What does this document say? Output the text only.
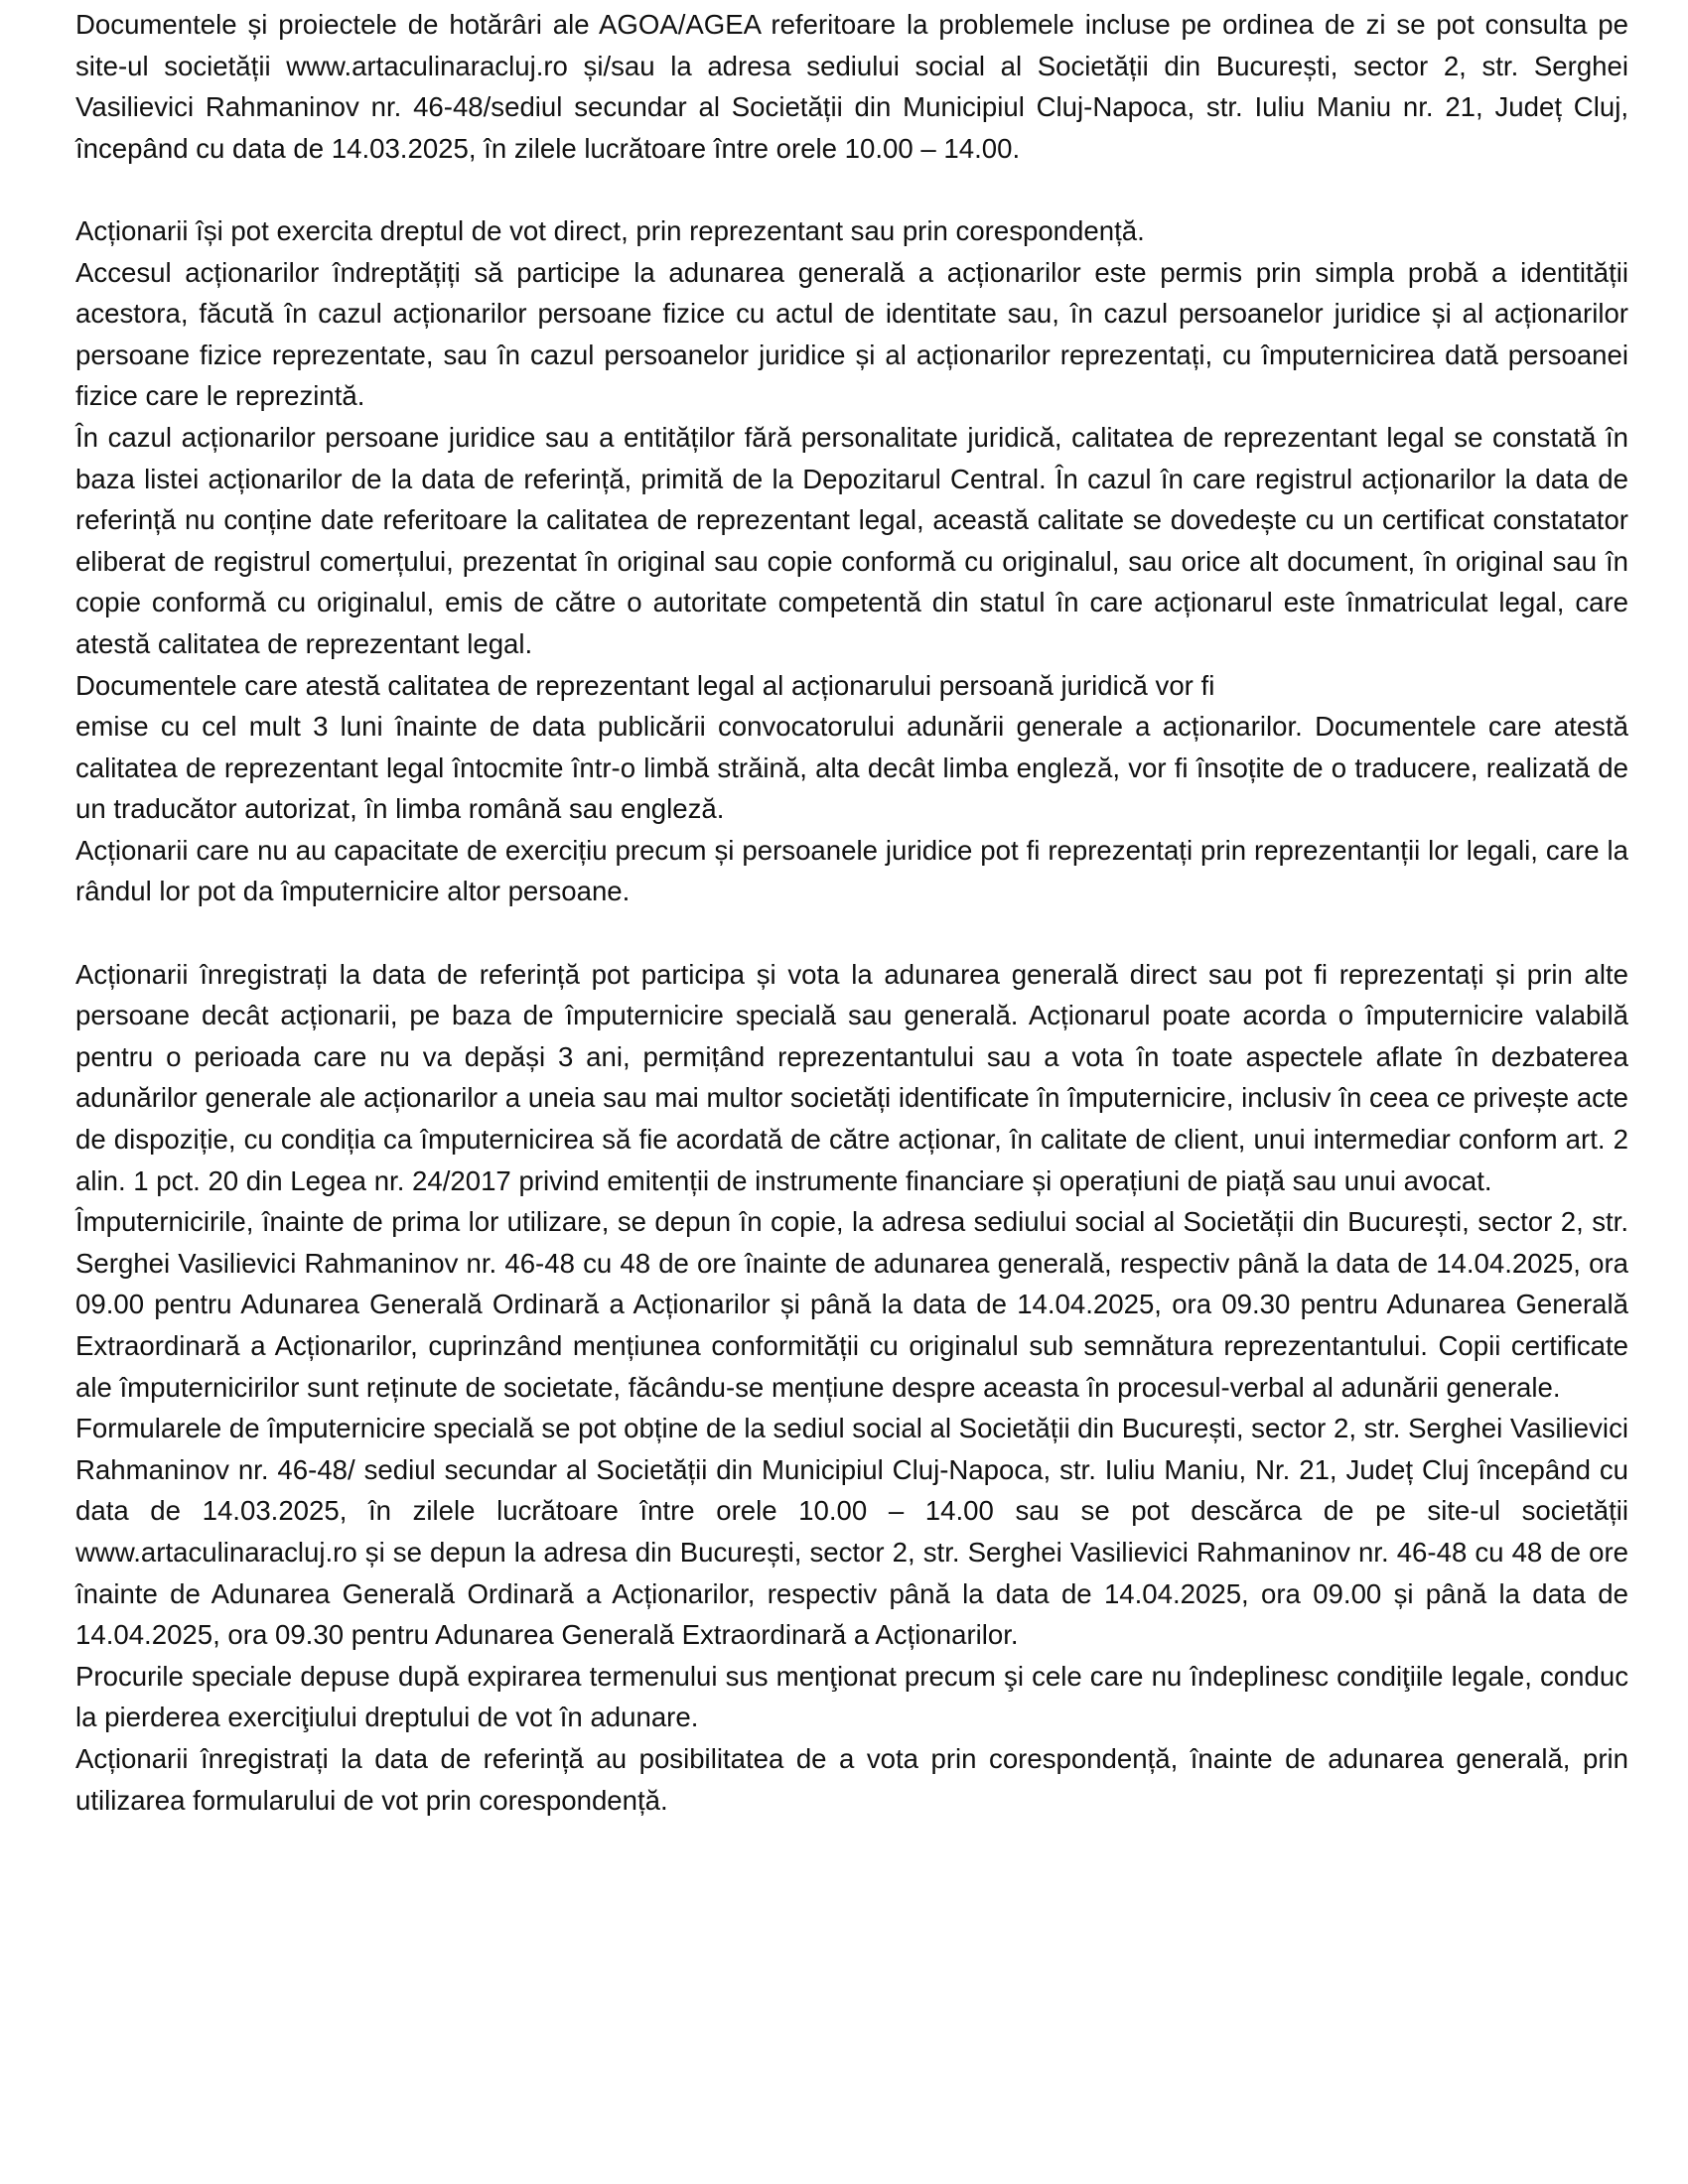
Documentele și proiectele de hotărâri ale AGOA/AGEA referitoare la problemele incluse pe ordinea de zi se pot consulta pe site-ul societății www.artaculinaracluj.ro și/sau la adresa sediului social al Societății din București, sector 2, str. Serghei Vasilievici Rahmaninov nr. 46-48/sediul secundar al Societății din Municipiul Cluj-Napoca, str. Iuliu Maniu nr. 21, Județ Cluj, începând cu data de 14.03.2025, în zilele lucrătoare între orele 10.00 – 14.00.

Acționarii își pot exercita dreptul de vot direct, prin reprezentant sau prin corespondență.

Accesul acționarilor îndreptățiți să participe la adunarea generală a acționarilor este permis prin simpla probă a identității acestora, făcută în cazul acționarilor persoane fizice cu actul de identitate sau, în cazul persoanelor juridice și al acționarilor persoane fizice reprezentate, sau în cazul persoanelor juridice și al acționarilor reprezentați, cu împuternicirea dată persoanei fizice care le reprezintă.

În cazul acționarilor persoane juridice sau a entităților fără personalitate juridică, calitatea de reprezentant legal se constată în baza listei acționarilor de la data de referință, primită de la Depozitarul Central. În cazul în care registrul acționarilor la data de referință nu conține date referitoare la calitatea de reprezentant legal, această calitate se dovedește cu un certificat constatator eliberat de registrul comerțului, prezentat în original sau copie conformă cu originalul, sau orice alt document, în original sau în copie conformă cu originalul, emis de către o autoritate competentă din statul în care acționarul este înmatriculat legal, care atestă calitatea de reprezentant legal.

Documentele care atestă calitatea de reprezentant legal al acționarului persoană juridică vor fi

emise cu cel mult 3 luni înainte de data publicării convocatorului adunării generale a acționarilor. Documentele care atestă calitatea de reprezentant legal întocmite într-o limbă străină, alta decât limba engleză, vor fi însoțite de o traducere, realizată de un traducător autorizat, în limba română sau engleză.

Acționarii care nu au capacitate de exercițiu precum și persoanele juridice pot fi reprezentați prin reprezentanții lor legali, care la rândul lor pot da împuternicire altor persoane.

Acționarii înregistrați la data de referință pot participa și vota la adunarea generală direct sau pot fi reprezentați și prin alte persoane decât acționarii, pe baza de împuternicire specială sau generală. Acționarul poate acorda o împuternicire valabilă pentru o perioada care nu va depăși 3 ani, permițând reprezentantului sau a vota în toate aspectele aflate în dezbaterea adunărilor generale ale acționarilor a uneia sau mai multor societăți identificate în împuternicire, inclusiv în ceea ce privește acte de dispoziție, cu condiția ca împuternicirea să fie acordată de către acționar, în calitate de client, unui intermediar conform art. 2 alin. 1 pct. 20 din Legea nr. 24/2017 privind emitenții de instrumente financiare și operațiuni de piață sau unui avocat.

Împuternicirile, înainte de prima lor utilizare, se depun în copie, la adresa sediului social al Societății din București, sector 2, str. Serghei Vasilievici Rahmaninov nr. 46-48 cu 48 de ore înainte de adunarea generală, respectiv până la data de 14.04.2025, ora 09.00 pentru Adunarea Generală Ordinară a Acționarilor și până la data de 14.04.2025, ora 09.30 pentru Adunarea Generală Extraordinară a Acționarilor, cuprinzând mențiunea conformității cu originalul sub semnătura reprezentantului. Copii certificate ale împuternicirilor sunt reținute de societate, făcându-se mențiune despre aceasta în procesul-verbal al adunării generale.

Formularele de împuternicire specială se pot obține de la sediul social al Societății din București, sector 2, str. Serghei Vasilievici Rahmaninov nr. 46-48/ sediul secundar al Societății din Municipiul Cluj-Napoca, str. Iuliu Maniu, Nr. 21, Județ Cluj începând cu data de 14.03.2025, în zilele lucrătoare între orele 10.00 – 14.00 sau se pot descărca de pe site-ul societății www.artaculinaracluj.ro și se depun la adresa din București, sector 2, str. Serghei Vasilievici Rahmaninov nr. 46-48 cu 48 de ore înainte de Adunarea Generală Ordinară a Acționarilor, respectiv până la data de 14.04.2025, ora 09.00 și până la data de 14.04.2025, ora 09.30 pentru Adunarea Generală Extraordinară a Acționarilor.

Procurile speciale depuse după expirarea termenului sus menţionat precum şi cele care nu îndeplinesc condiţiile legale, conduc la pierderea exerciţiului dreptului de vot în adunare.

Acționarii înregistrați la data de referință au posibilitatea de a vota prin corespondență, înainte de adunarea generală, prin utilizarea formularului de vot prin corespondență.
